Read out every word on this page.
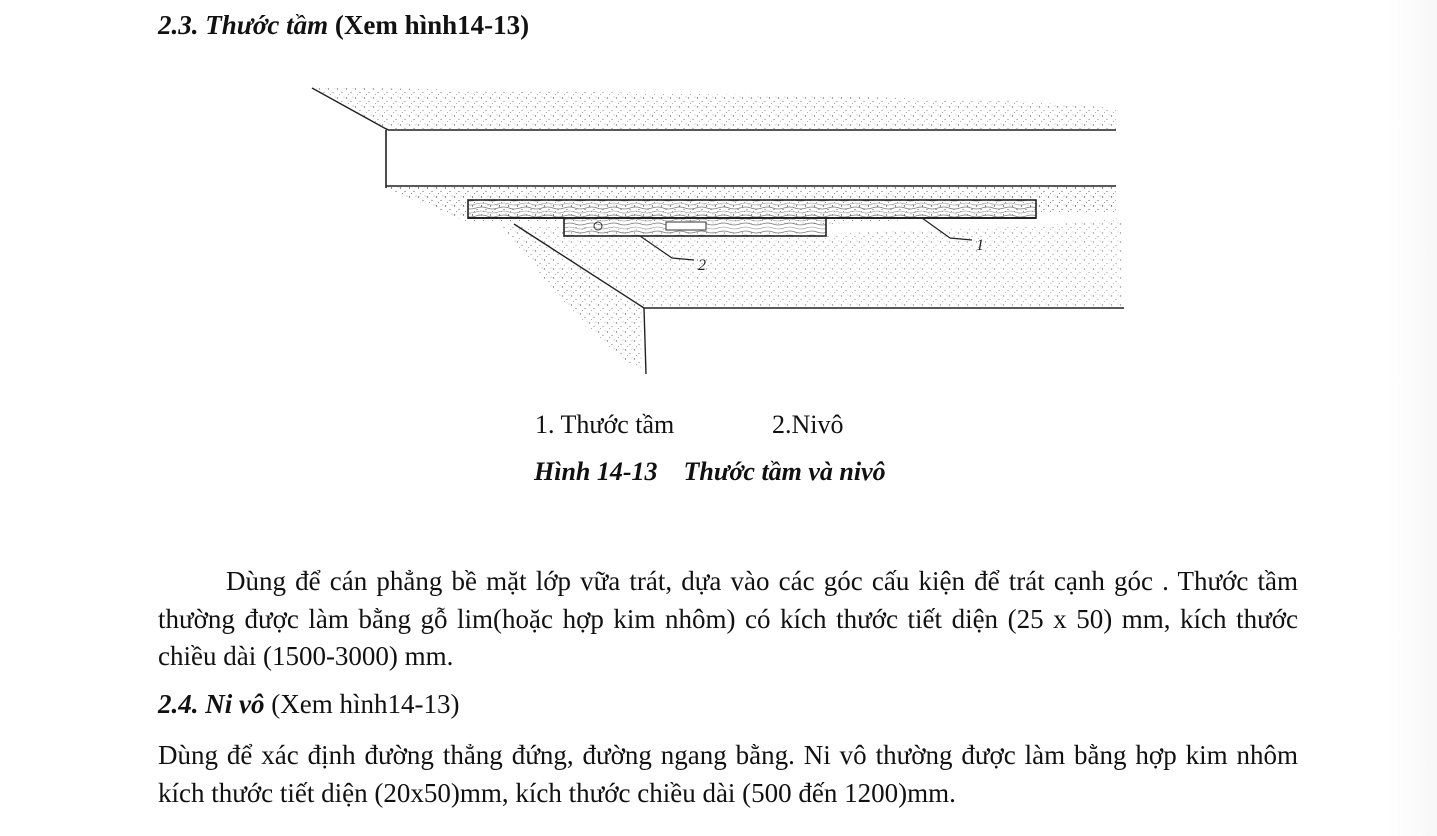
2.3. Thước tầm (Xem hình14-13)
1
2
1. Thước tầm	2.Nivô
Hình 14-13 Thước tầm và nivô
Dùng để cán phẳng bề mặt lớp vữa trát, dựa vào các góc cấu kiện để trát cạnh góc . Thước tầm thường được làm bằng gỗ lim(hoặc hợp kim nhôm) có kích thước tiết diện (25 x 50) mm, kích thước chiều dài (1500-3000) mm.
2.4. Ni vô (Xem hình14-13)
Dùng để xác định đường thẳng đứng, đường ngang bằng. Ni vô thường được làm bằng hợp kim nhôm kích thước tiết diện (20x50)mm, kích thước chiều dài (500 đến 1200)mm.
